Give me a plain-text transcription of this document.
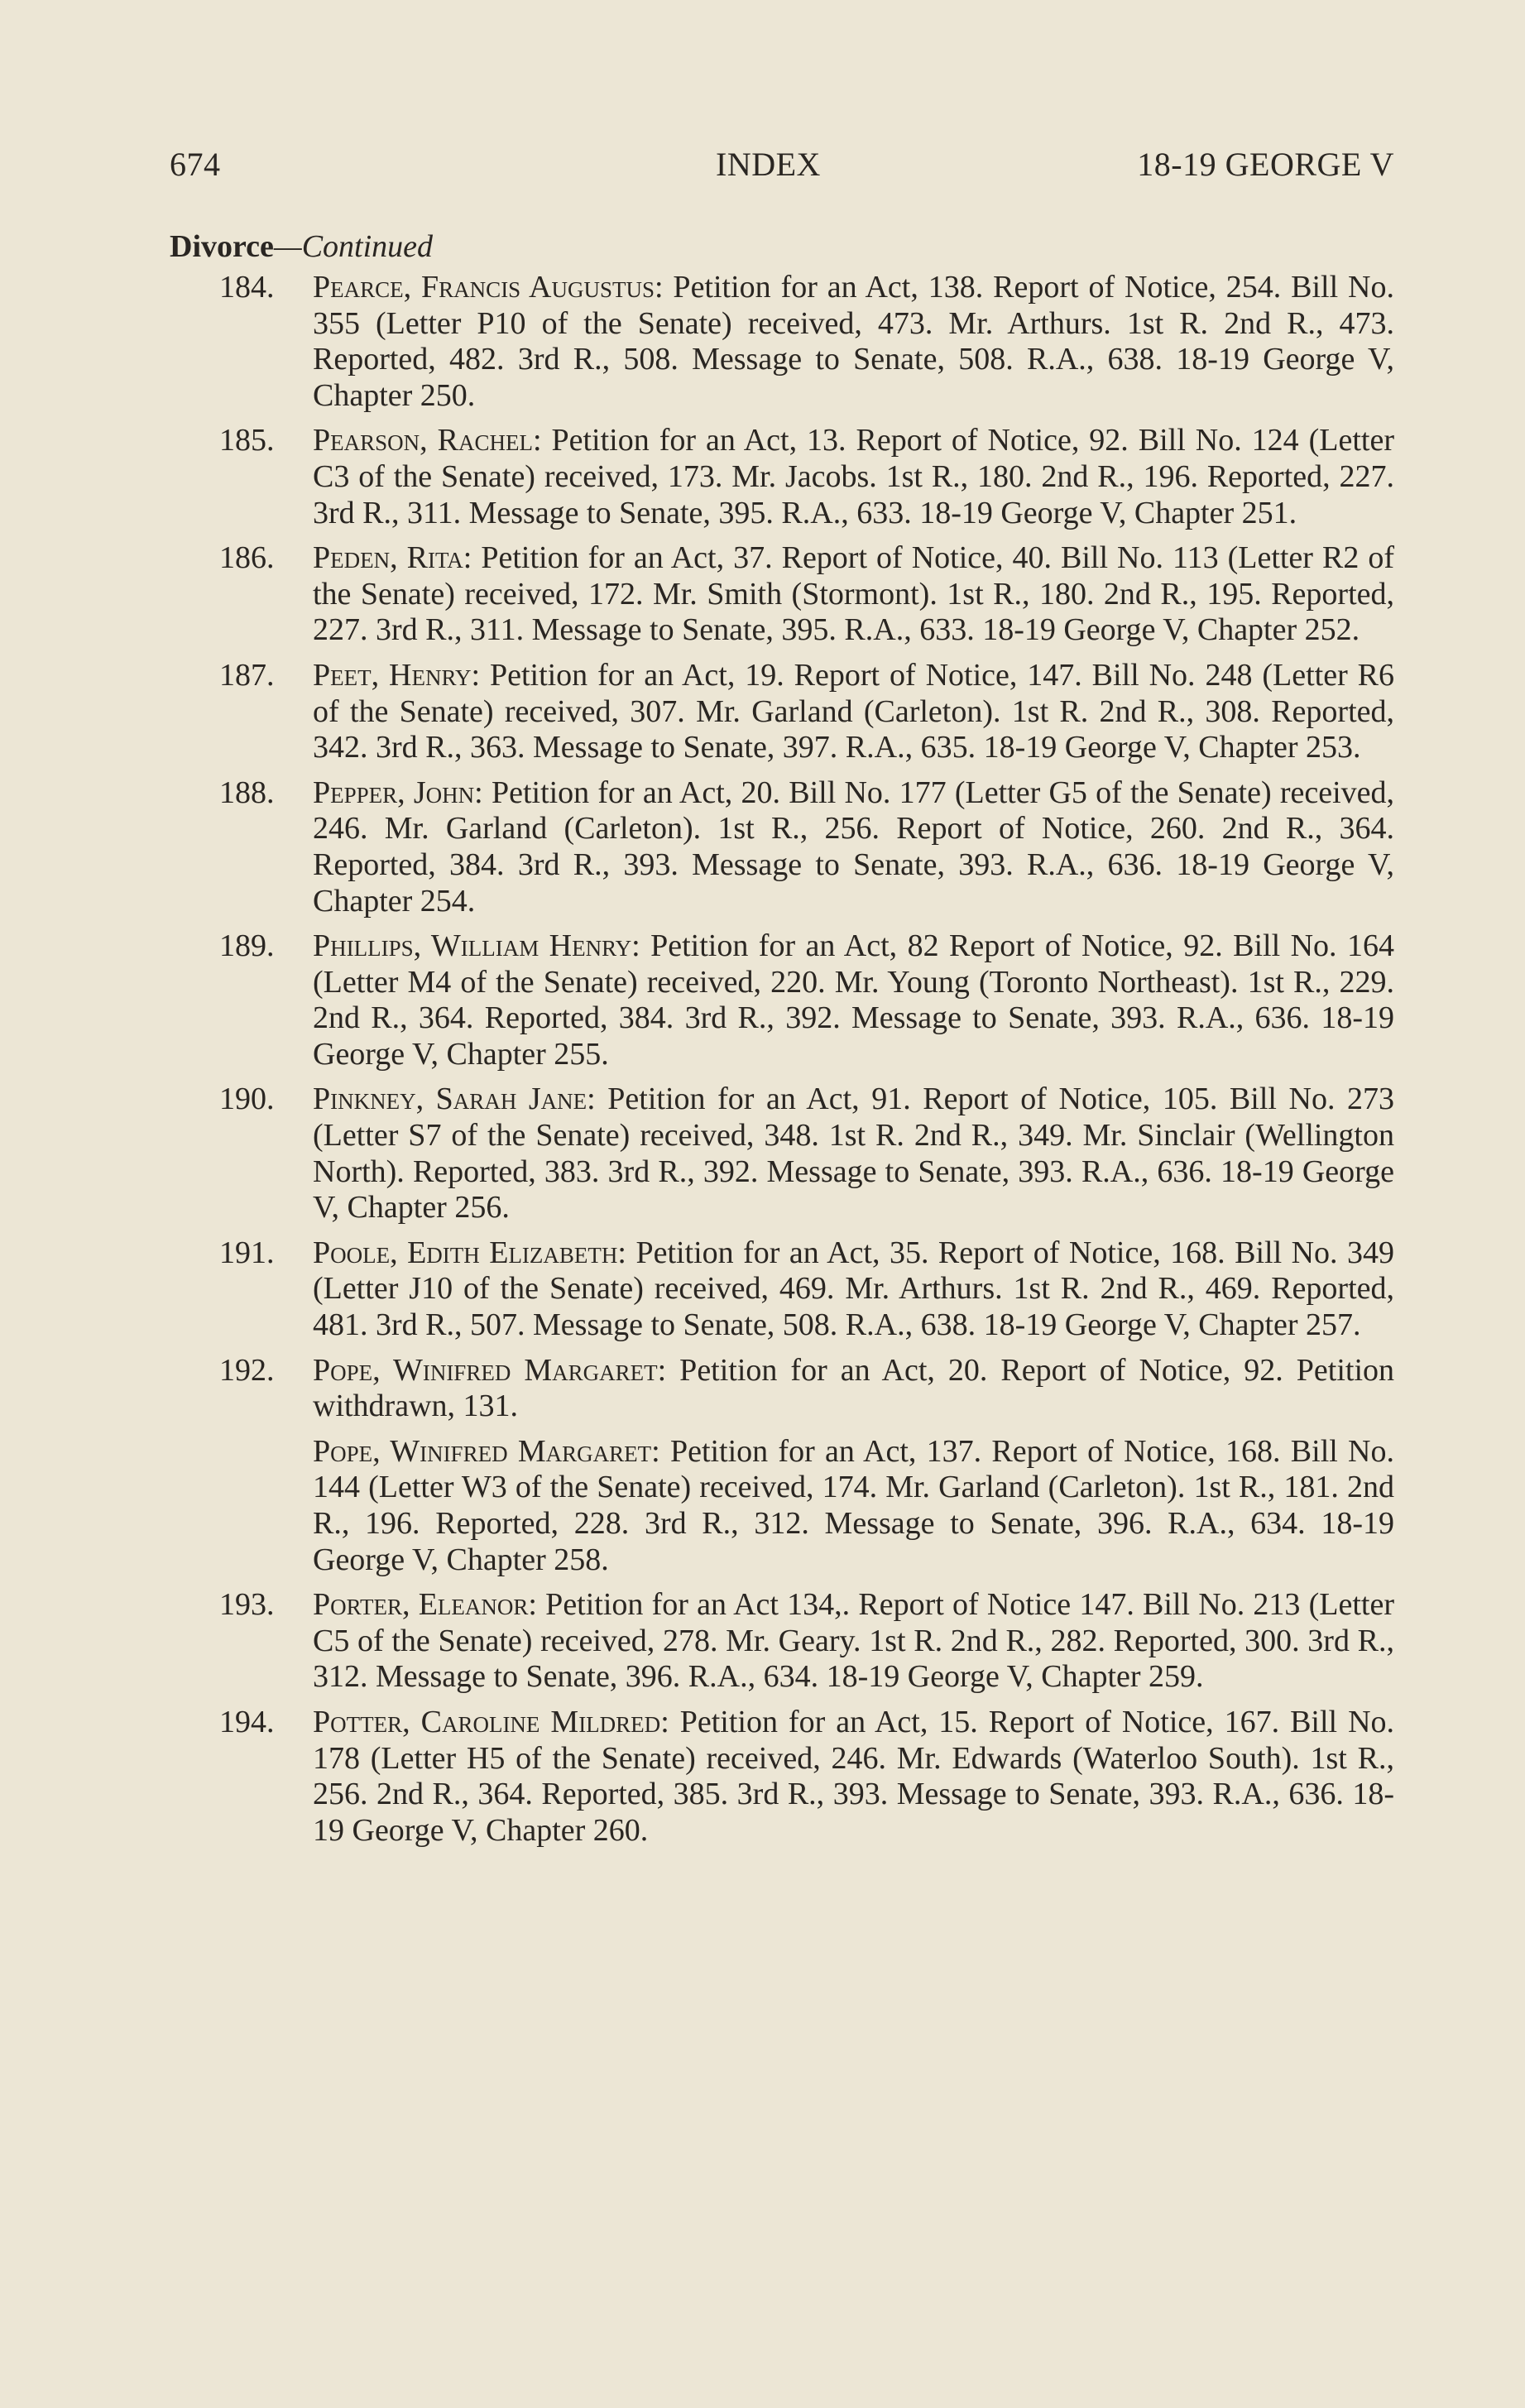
674	INDEX	18-19 GEORGE V
Divorce—Continued
184. Pearce, Francis Augustus: Petition for an Act, 138. Report of Notice, 254. Bill No. 355 (Letter P10 of the Senate) received, 473. Mr. Arthurs. 1st R. 2nd R., 473. Reported, 482. 3rd R., 508. Message to Senate, 508. R.A., 638. 18-19 George V, Chapter 250.
185. Pearson, Rachel: Petition for an Act, 13. Report of Notice, 92. Bill No. 124 (Letter C3 of the Senate) received, 173. Mr. Jacobs. 1st R., 180. 2nd R., 196. Reported, 227. 3rd R., 311. Message to Senate, 395. R.A., 633. 18-19 George V, Chapter 251.
186. Peden, Rita: Petition for an Act, 37. Report of Notice, 40. Bill No. 113 (Letter R2 of the Senate) received, 172. Mr. Smith (Stormont). 1st R., 180. 2nd R., 195. Reported, 227. 3rd R., 311. Message to Senate, 395. R.A., 633. 18-19 George V, Chapter 252.
187. Peet, Henry: Petition for an Act, 19. Report of Notice, 147. Bill No. 248 (Letter R6 of the Senate) received, 307. Mr. Garland (Carleton). 1st R. 2nd R., 308. Reported, 342. 3rd R., 363. Message to Senate, 397. R.A., 635. 18-19 George V, Chapter 253.
188. Pepper, John: Petition for an Act, 20. Bill No. 177 (Letter G5 of the Senate) received, 246. Mr. Garland (Carleton). 1st R., 256. Report of Notice, 260. 2nd R., 364. Reported, 384. 3rd R., 393. Message to Senate, 393. R.A., 636. 18-19 George V, Chapter 254.
189. Phillips, William Henry: Petition for an Act, 82 Report of Notice, 92. Bill No. 164 (Letter M4 of the Senate) received, 220. Mr. Young (Toronto Northeast). 1st R., 229. 2nd R., 364. Reported, 384. 3rd R., 392. Message to Senate, 393. R.A., 636. 18-19 George V, Chapter 255.
190. Pinkney, Sarah Jane: Petition for an Act, 91. Report of Notice, 105. Bill No. 273 (Letter S7 of the Senate) received, 348. 1st R. 2nd R., 349. Mr. Sinclair (Wellington North). Reported, 383. 3rd R., 392. Message to Senate, 393. R.A., 636. 18-19 George V, Chapter 256.
191. Poole, Edith Elizabeth: Petition for an Act, 35. Report of Notice, 168. Bill No. 349 (Letter J10 of the Senate) received, 469. Mr. Arthurs. 1st R. 2nd R., 469. Reported, 481. 3rd R., 507. Message to Senate, 508. R.A., 638. 18-19 George V, Chapter 257.
192. Pope, Winifred Margaret: Petition for an Act, 20. Report of Notice, 92. Petition withdrawn, 131.
Pope, Winifred Margaret: Petition for an Act, 137. Report of Notice, 168. Bill No. 144 (Letter W3 of the Senate) received, 174. Mr. Garland (Carleton). 1st R., 181. 2nd R., 196. Reported, 228. 3rd R., 312. Message to Senate, 396. R.A., 634. 18-19 George V, Chapter 258.
193. Porter, Eleanor: Petition for an Act 134,. Report of Notice 147. Bill No. 213 (Letter C5 of the Senate) received, 278. Mr. Geary. 1st R. 2nd R., 282. Reported, 300. 3rd R., 312. Message to Senate, 396. R.A., 634. 18-19 George V, Chapter 259.
194. Potter, Caroline Mildred: Petition for an Act, 15. Report of Notice, 167. Bill No. 178 (Letter H5 of the Senate) received, 246. Mr. Edwards (Waterloo South). 1st R., 256. 2nd R., 364. Reported, 385. 3rd R., 393. Message to Senate, 393. R.A., 636. 18-19 George V, Chapter 260.
